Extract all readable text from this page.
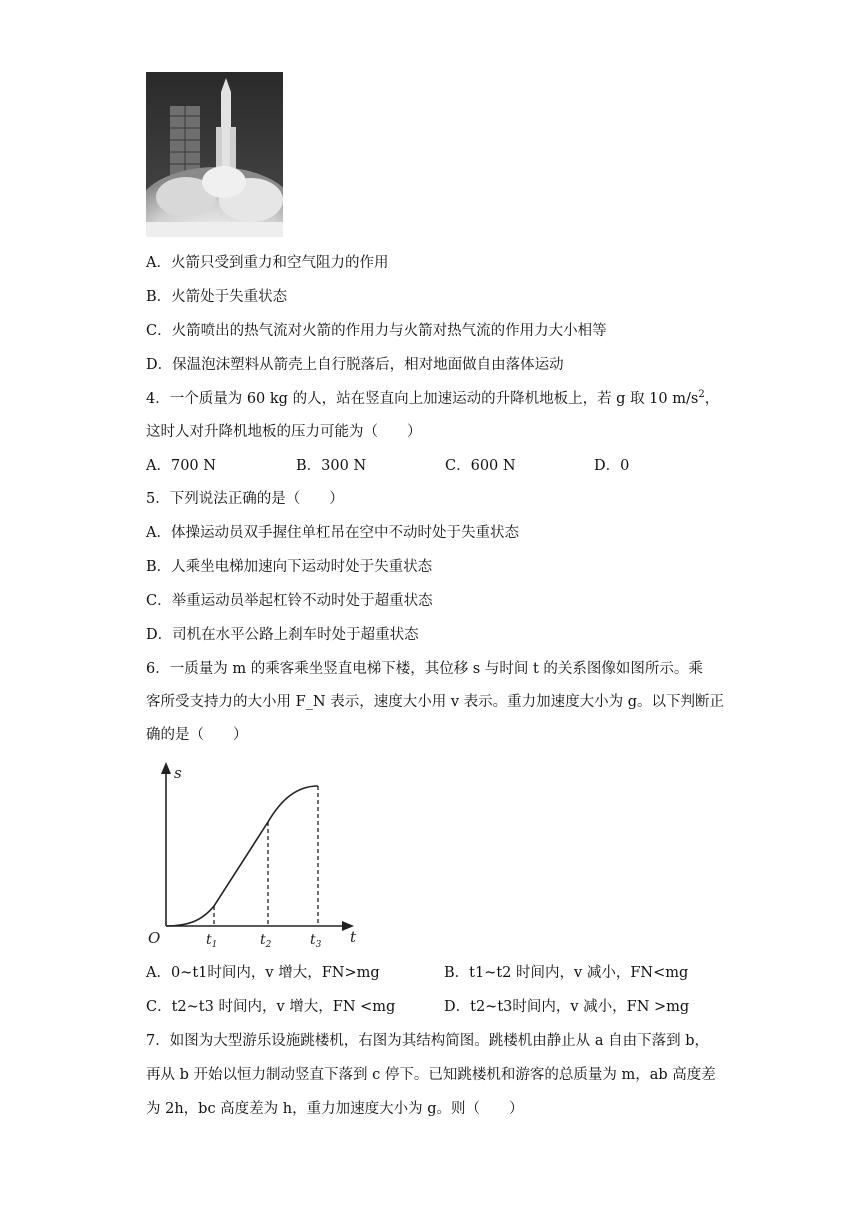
A．火箭只受到重力和空气阻力的作用
B．火箭处于失重状态
C．火箭喷出的热气流对火箭的作用力与火箭对热气流的作用力大小相等
D．保温泡沫塑料从箭壳上自行脱落后，相对地面做自由落体运动
4．一个质量为 60 kg 的人，站在竖直向上加速运动的升降机地板上，若 g 取 10 $m/s^2$，
这时人对升降机地板的压力可能为（　　）
A．700 N	B．300 N	C．600 N	D．0
5．下列说法正确的是（　　）
A．体操运动员双手握住单杠吊在空中不动时处于失重状态
B．人乘坐电梯加速向下运动时处于失重状态
C．举重运动员举起杠铃不动时处于超重状态
D．司机在水平公路上刹车时处于超重状态
6．一质量为 m 的乘客乘坐竖直电梯下楼，其位移 s 与时间 t 的关系图像如图所示。乘
客所受支持力的大小用 F_N 表示，速度大小用 v 表示。重力加速度大小为 g。以下判断正
确的是（　　）
s
t
O	$t_1$	$t_2$	$t_3$
A．0~t1时间内，v 增大，FN>mg	B．t1~t2 时间内，v 减小，FN<mg
C．t2~t3 时间内，v 增大，FN <mg	D．t2~t3时间内，v 减小，FN >mg
7．如图为大型游乐设施跳楼机，右图为其结构简图。跳楼机由静止从 a 自由下落到 b，
再从 b 开始以恒力制动竖直下落到 c 停下。已知跳楼机和游客的总质量为 m，ab 高度差
为 2h，bc 高度差为 h，重力加速度大小为 g。则（　　）
